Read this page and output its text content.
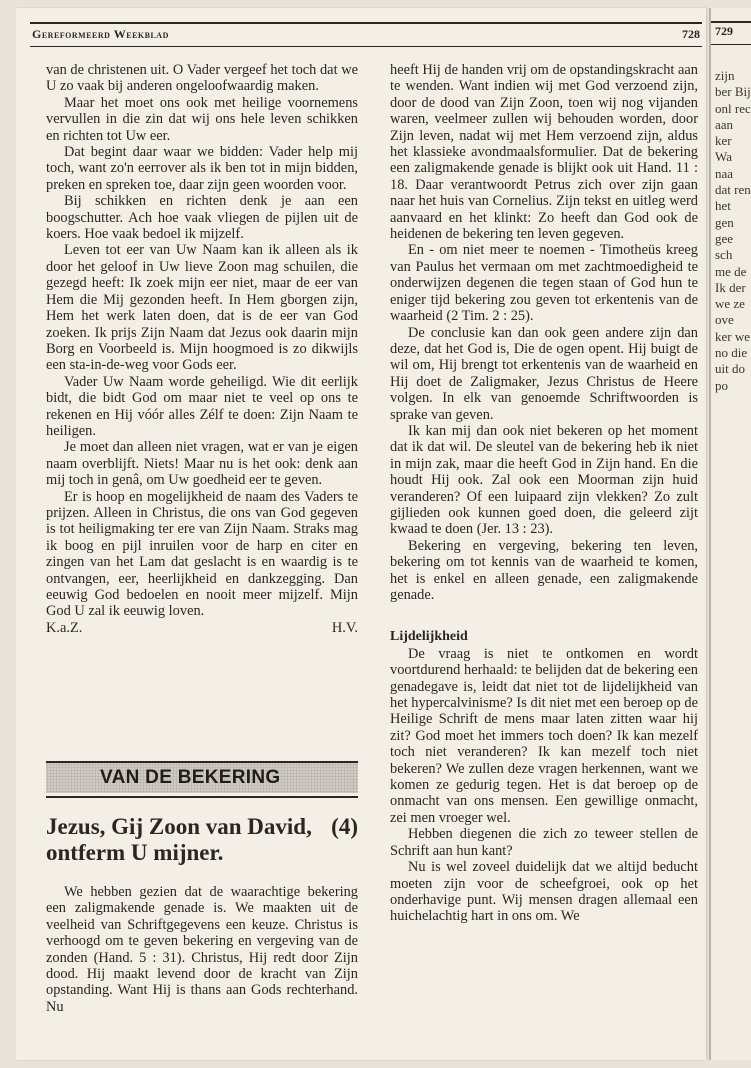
729
zijn ber Bij onl rec aan ker Wa naa dat ren het gen gee sch me de Ik der we ze ove ker we no die uit do po
Gereformeerd Weekblad	728

van de christenen uit. O Vader vergeef het toch dat we U zo vaak bij anderen ongeloofwaardig maken.

Maar het moet ons ook met heilige voornemens vervullen in die zin dat wij ons hele leven schikken en richten tot Uw eer.

Dat begint daar waar we bidden: Vader help mij toch, want zo'n eerrover als ik ben tot in mijn bidden, preken en spreken toe, daar zijn geen woorden voor.

Bij schikken en richten denk je aan een boogschutter. Ach hoe vaak vliegen de pijlen uit de koers. Hoe vaak bedoel ik mijzelf.

Leven tot eer van Uw Naam kan ik alleen als ik door het geloof in Uw lieve Zoon mag schuilen, die gezegd heeft: Ik zoek mijn eer niet, maar de eer van Hem die Mij gezonden heeft. In Hem gborgen zijn, Hem het werk laten doen, dat is de eer van God zoeken. Ik prijs Zijn Naam dat Jezus ook daarin mijn Borg en Voorbeeld is. Mijn hoogmoed is zo dikwijls een sta-in-de-weg voor Gods eer.

Vader Uw Naam worde geheiligd. Wie dit eerlijk bidt, die bidt God om maar niet te veel op ons te rekenen en Hij vóór alles Zélf te doen: Zijn Naam te heiligen.

Je moet dan alleen niet vragen, wat er van je eigen naam overblijft. Niets! Maar nu is het ook: denk aan mij toch in genâ, om Uw goedheid eer te geven.

Er is hoop en mogelijkheid de naam des Vaders te prijzen. Alleen in Christus, die ons van God gegeven is tot heiligmaking ter ere van Zijn Naam. Straks mag ik boog en pijl inruilen voor de harp en citer en zingen van het Lam dat geslacht is en waardig is te ontvangen, eer, heerlijkheid en dankzegging. Dan eeuwig God bedoelen en nooit meer mijzelf. Mijn God U zal ik eeuwig loven.

K.a.Z.	H.V.
VAN DE BEKERING
(4)
Jezus, Gij Zoon van David, ontferm U mijner.

We hebben gezien dat de waarachtige bekering een zaligmakende genade is. We maakten uit de veelheid van Schriftgegevens een keuze. Christus is verhoogd om te geven bekering en vergeving van de zonden (Hand. 5 : 31). Christus, Hij redt door Zijn dood. Hij maakt levend door de kracht van Zijn opstanding. Want Hij is thans aan Gods rechterhand. Nu

heeft Hij de handen vrij om de opstandingskracht aan te wenden. Want indien wij met God verzoend zijn, door de dood van Zijn Zoon, toen wij nog vijanden waren, veelmeer zullen wij behouden worden, door Zijn leven, nadat wij met Hem verzoend zijn, aldus het klassieke avondmaalsformulier. Dat de bekering een zaligmakende genade is blijkt ook uit Hand. 11 : 18. Daar verantwoordt Petrus zich over zijn gaan naar het huis van Cornelius. Zijn tekst en uitleg werd aanvaard en het klinkt: Zo heeft dan God ook de heidenen de bekering ten leven gegeven.

En - om niet meer te noemen - Timotheüs kreeg van Paulus het vermaan om met zachtmoedigheid te onderwijzen degenen die tegen staan of God hun te eniger tijd bekering zou geven tot erkentenis van de waarheid (2 Tim. 2 : 25).

De conclusie kan dan ook geen andere zijn dan deze, dat het God is, Die de ogen opent. Hij buigt de wil om, Hij brengt tot erkentenis van de waarheid en Hij doet de Zaligmaker, Jezus Christus de Heere volgen. In elk van genoemde Schriftwoorden is sprake van geven.

Ik kan mij dan ook niet bekeren op het moment dat ik dat wil. De sleutel van de bekering heb ik niet in mijn zak, maar die heeft God in Zijn hand. En die houdt Hij ook. Zal ook een Moorman zijn huid veranderen? Of een luipaard zijn vlekken? Zo zult gijlieden ook kunnen goed doen, die geleerd zijt kwaad te doen (Jer. 13 : 23).

Bekering en vergeving, bekering ten leven, bekering om tot kennis van de waarheid te komen, het is enkel en alleen genade, een zaligmakende genade.

Lijdelijkheid

De vraag is niet te ontkomen en wordt voortdurend herhaald: te belijden dat de bekering een genadegave is, leidt dat niet tot de lijdelijkheid van het hypercalvinisme? Is dit niet met een beroep op de Heilige Schrift de mens maar laten zitten waar hij zit? God moet het immers toch doen? Ik kan mezelf toch niet veranderen? Ik kan mezelf toch niet bekeren? We zullen deze vragen herkennen, want we komen ze gedurig tegen. Het is dat beroep op de onmacht van ons mensen. Een gewillige onmacht, zei men vroeger wel.

Hebben diegenen die zich zo teweer stellen de Schrift aan hun kant?

Nu is wel zoveel duidelijk dat we altijd beducht moeten zijn voor de scheefgroei, ook op het onderhavige punt. Wij mensen dragen allemaal een huichelachtig hart in ons om. We
